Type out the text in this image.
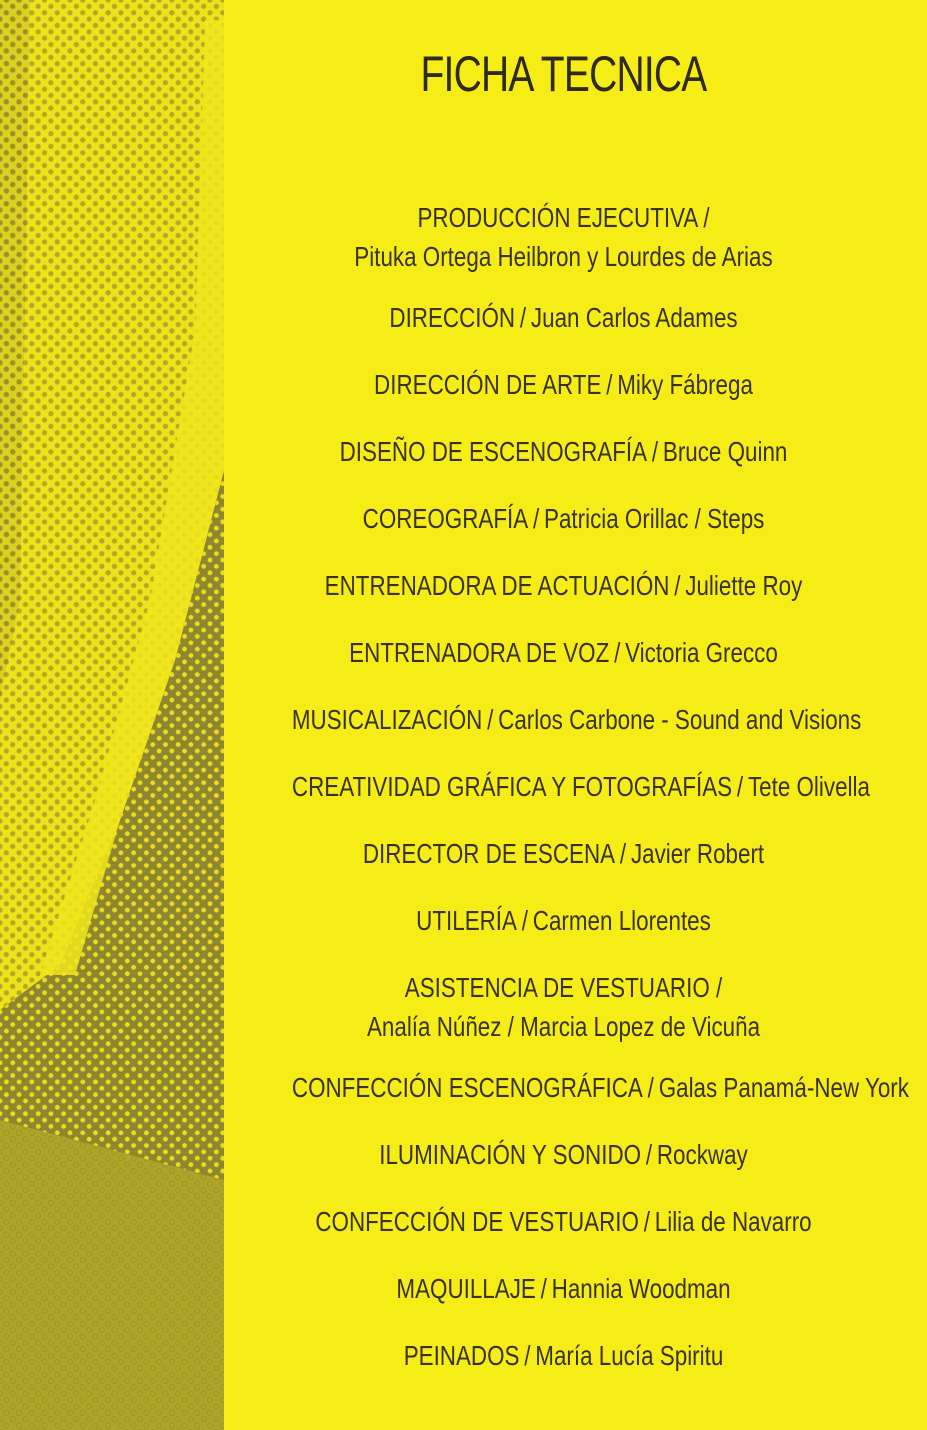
FICHA TECNICA
PRODUCCIÓN EJECUTIVA /
Pituka Ortega Heilbron y Lourdes de Arias
DIRECCIÓN / Juan Carlos Adames
DIRECCIÓN DE ARTE / Miky Fábrega
DISEÑO DE ESCENOGRAFÍA / Bruce Quinn
COREOGRAFÍA / Patricia Orillac / Steps
ENTRENADORA DE ACTUACIÓN / Juliette Roy
ENTRENADORA DE VOZ / Victoria Grecco
MUSICALIZACIÓN / Carlos Carbone - Sound and Visions
CREATIVIDAD GRÁFICA Y FOTOGRAFÍAS / Tete Olivella
DIRECTOR DE ESCENA / Javier Robert
UTILERÍA / Carmen Llorentes
ASISTENCIA DE VESTUARIO /
Analía Núñez / Marcia Lopez de Vicuña
CONFECCIÓN ESCENOGRÁFICA / Galas Panamá-New York
ILUMINACIÓN Y SONIDO / Rockway
CONFECCIÓN DE VESTUARIO / Lilia de Navarro
MAQUILLAJE / Hannia Woodman
PEINADOS / María Lucía Spiritu
